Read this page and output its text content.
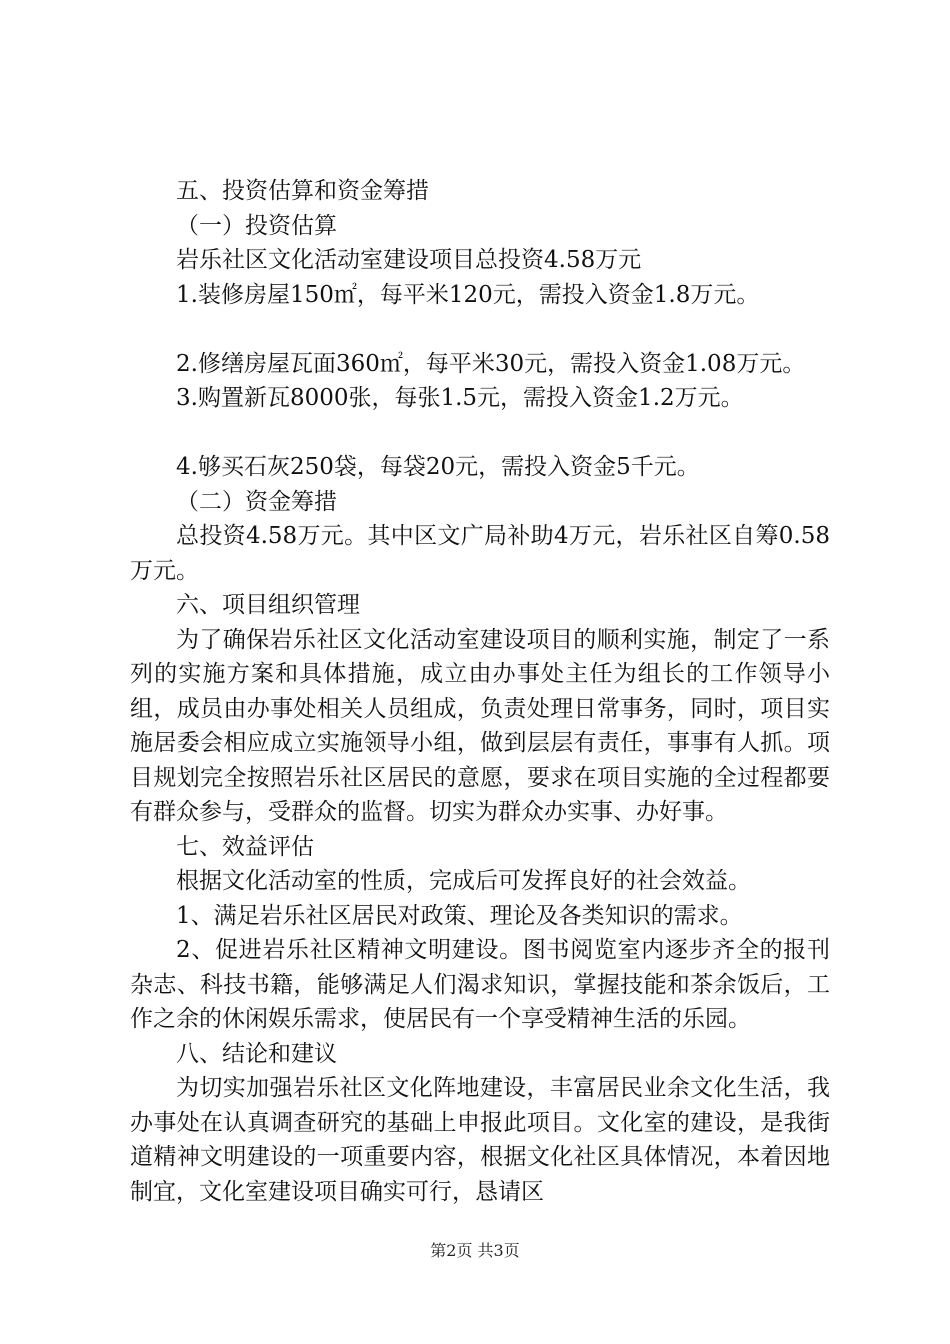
五、投资估算和资金筹措

（一）投资估算

岩乐社区文化活动室建设项目总投资4.58万元

1.装修房屋150㎡，每平米120元，需投入资金1.8万元。

2.修缮房屋瓦面360㎡，每平米30元，需投入资金1.08万元。

3.购置新瓦8000张，每张1.5元，需投入资金1.2万元。

4.够买石灰250袋，每袋20元，需投入资金5千元。

（二）资金筹措

总投资4.58万元。其中区文广局补助4万元，岩乐社区自筹0.58万元。

六、项目组织管理

为了确保岩乐社区文化活动室建设项目的顺利实施，制定了一系列的实施方案和具体措施，成立由办事处主任为组长的工作领导小组，成员由办事处相关人员组成，负责处理日常事务，同时，项目实施居委会相应成立实施领导小组，做到层层有责任，事事有人抓。项目规划完全按照岩乐社区居民的意愿，要求在项目实施的全过程都要有群众参与，受群众的监督。切实为群众办实事、办好事。

七、效益评估

根据文化活动室的性质，完成后可发挥良好的社会效益。

1、满足岩乐社区居民对政策、理论及各类知识的需求。

2、促进岩乐社区精神文明建设。图书阅览室内逐步齐全的报刊杂志、科技书籍，能够满足人们渴求知识，掌握技能和茶余饭后，工作之余的休闲娱乐需求，使居民有一个享受精神生活的乐园。

八、结论和建议

为切实加强岩乐社区文化阵地建设，丰富居民业余文化生活，我办事处在认真调查研究的基础上申报此项目。文化室的建设，是我街道精神文明建设的一项重要内容，根据文化社区具体情况，本着因地制宜，文化室建设项目确实可行，恳请区

第2页 共3页
